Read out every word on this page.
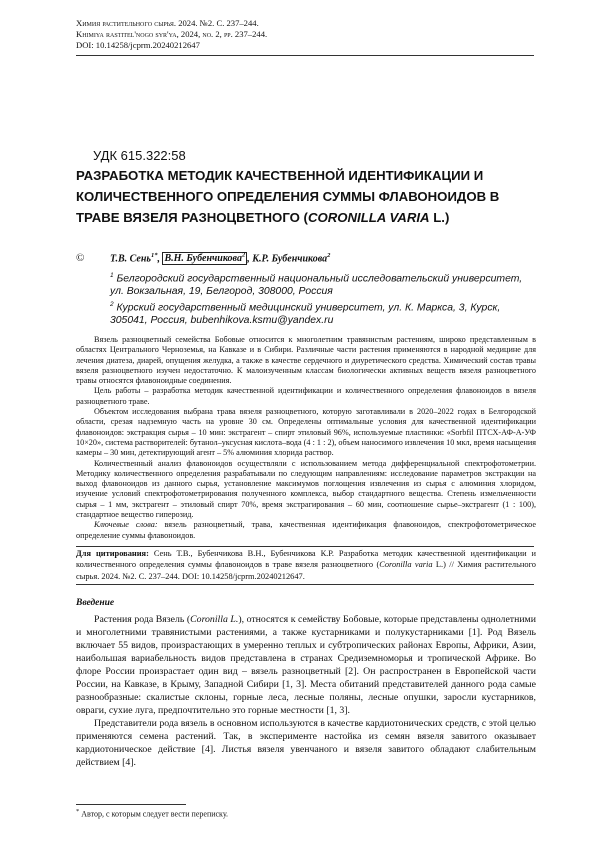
Химия растительного сырья. 2024. №2. С. 237–244.
Khimiya rastitel'nogo syr'ya, 2024, no. 2, pp. 237–244.
DOI: 10.14258/jcprm.20240212647
УДК 615.322:58
РАЗРАБОТКА МЕТОДИК КАЧЕСТВЕННОЙ ИДЕНТИФИКАЦИИ И КОЛИЧЕСТВЕННОГО ОПРЕДЕЛЕНИЯ СУММЫ ФЛАВОНОИДОВ В ТРАВЕ ВЯЗЕЛЯ РАЗНОЦВЕТНОГО (CORONILLA VARIA L.)
©	Т.В. Сень$^{1*}$, В.Н. Бубенчикова$^2$ , К.Р. Бубенчикова$^2$
$^1$ Белгородский государственный национальный исследовательский университет, ул. Вокзальная, 19, Белгород, 308000, Россия
$^2$ Курский государственный медицинский университет, ул. К. Маркса, 3, Курск, 305041, Россия, bubenhikova.ksmu@yandex.ru

Вязель разноцветный семейства Бобовые относится к многолетним травянистым растениям, широко представленным в областях Центрального Черноземья, на Кавказе и в Сибири. Различные части растения применяются в народной медицине для лечения диатеза, диарей, опущения желудка, а также в качестве сердечного и диуретического средства. Химический состав травы вязеля разноцветного изучен недостаточно. К малоизученным классам биологически активных веществ вязеля разноцветного травы относятся флавоноидные соединения.

Цель работы – разработка методик качественной идентификации и количественного определения флавоноидов в вязеля разноцветного траве.

Объектом исследования выбрана трава вязеля разноцветного, которую заготавливали в 2020–2022 годах в Белгородской области, срезая надземную часть на уровне 30 см. Определены оптимальные условия для качественной идентификации флавоноидов: экстракция сырья – 10 мин: экстрагент – спирт этиловый 96%, используемые пластинки: «Sorbfil ПТСХ-АФ-А-УФ 10×20», система растворителей: бутанол–уксусная кислота–вода (4 : 1 : 2), объем наносимого извлечения 10 мкл, время насыщения камеры – 30 мин, детектирующий агент – 5% алюминия хлорида раствор.

Количественный анализ флавоноидов осуществляли с использованием метода дифференциальной спектрофотометрии. Методику количественного определения разрабатывали по следующим направлениям: исследование параметров экстракции на выход флавоноидов из данного сырья, установление максимумов поглощения извлечения из сырья с алюминия хлоридом, изучение условий спектрофотометрирования полученного комплекса, выбор стандартного вещества. Степень измельченности сырья – 1 мм, экстрагент – этиловый спирт 70%, время экстрагирования – 60 мин, соотношение сырье–экстрагент (1 : 100), стандартное вещество гиперозид.

Ключевые слова: вязель разноцветный, трава, качественная идентификация флавоноидов, спектрофотометрическое определение суммы флавоноидов.

Для цитирования: Сень Т.В., Бубенчикова В.Н., Бубенчикова К.Р. Разработка методик качественной идентификации и количественного определения суммы флавоноидов в траве вязеля разноцветного (Coronilla varia L.) // Химия растительного сырья. 2024. №2. С. 237–244. DOI: 10.14258/jcprm.20240212647.
Введение

Растения рода Вязель (Coronilla L.), относятся к семейству Бобовые, которые представлены однолетними и многолетними травянистыми растениями, а также кустарниками и полукустарниками [1]. Род Вязель включает 55 видов, произрастающих в умеренно теплых и субтропических районах Европы, Африки, Азии, наибольшая вариабельность видов представлена в странах Средиземноморья и тропической Африке. Во флоре России произрастает один вид – вязель разноцветный [2]. Он распространен в Европейской части России, на Кавказе, в Крыму, Западной Сибири [1, 3]. Места обитаний представителей данного рода самые разнообразные: скалистые склоны, горные леса, лесные поляны, лесные опушки, заросли кустарников, овраги, сухие луга, предпочтительно это горные местности [1, 3].

Представители рода вязель в основном используются в качестве кардиотонических средств, с этой целью применяются семена растений. Так, в эксперименте настойка из семян вязеля завитого оказывает кардиотоническое действие [4]. Листья вязеля увенчаного и вязеля завитого обладают слабительным действием [4].

* Автор, с которым следует вести переписку.
